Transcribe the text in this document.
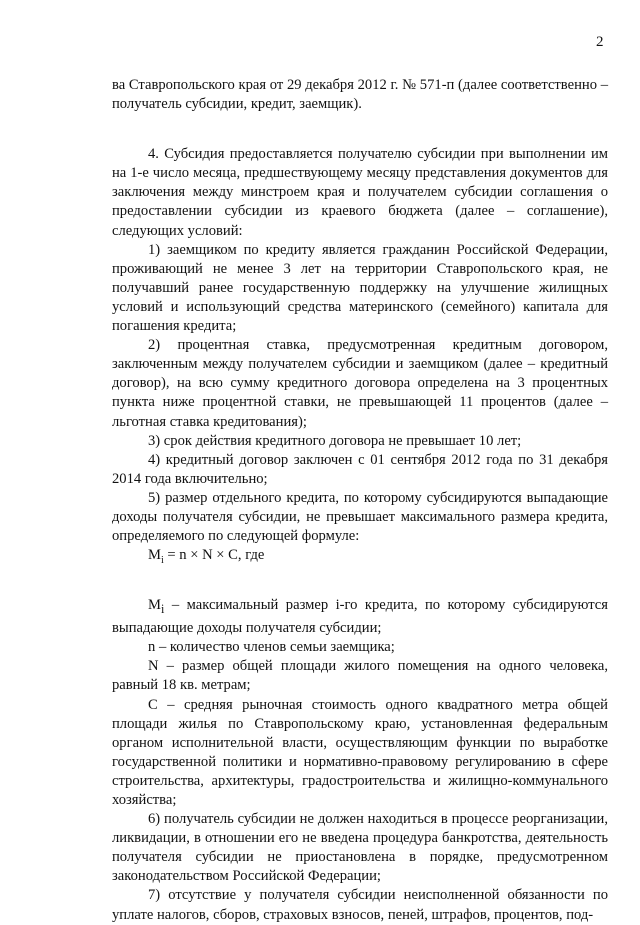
2

ва Ставропольского края от 29 декабря 2012 г. № 571-п (далее соответственно – получатель субсидии, кредит, заемщик).

4. Субсидия предоставляется получателю субсидии при выполнении им на 1-е число месяца, предшествующему месяцу представления документов для заключения между минстроем края и получателем субсидии соглашения о предоставлении субсидии из краевого бюджета (далее – соглашение), следующих условий:

1) заемщиком по кредиту является гражданин Российской Федерации, проживающий не менее 3 лет на территории Ставропольского края, не получавший ранее государственную поддержку на улучшение жилищных условий и использующий средства материнского (семейного) капитала для погашения кредита;

2) процентная ставка, предусмотренная кредитным договором, заключенным между получателем субсидии и заемщиком (далее – кредитный договор), на всю сумму кредитного договора определена на 3 процентных пункта ниже процентной ставки, не превышающей 11 процентов (далее – льготная ставка кредитования);

3) срок действия кредитного договора не превышает 10 лет;

4) кредитный договор заключен с 01 сентября 2012 года по 31 декабря 2014 года включительно;

5) размер отдельного кредита, по которому субсидируются выпадающие доходы получателя субсидии, не превышает максимального размера кредита, определяемого по следующей формуле:

$M_i = n \times N \times C$, где

$M_i$ – максимальный размер i-го кредита, по которому субсидируются выпадающие доходы получателя субсидии;

n – количество членов семьи заемщика;

N – размер общей площади жилого помещения на одного человека, равный 18 кв. метрам;

C – средняя рыночная стоимость одного квадратного метра общей площади жилья по Ставропольскому краю, установленная федеральным органом исполнительной власти, осуществляющим функции по выработке государственной политики и нормативно-правовому регулированию в сфере строительства, архитектуры, градостроительства и жилищно-коммунального хозяйства;

6) получатель субсидии не должен находиться в процессе реорганизации, ликвидации, в отношении его не введена процедура банкротства, деятельность получателя субсидии не приостановлена в порядке, предусмотренном законодательством Российской Федерации;

7) отсутствие у получателя субсидии неисполненной обязанности по уплате налогов, сборов, страховых взносов, пеней, штрафов, процентов, под-
